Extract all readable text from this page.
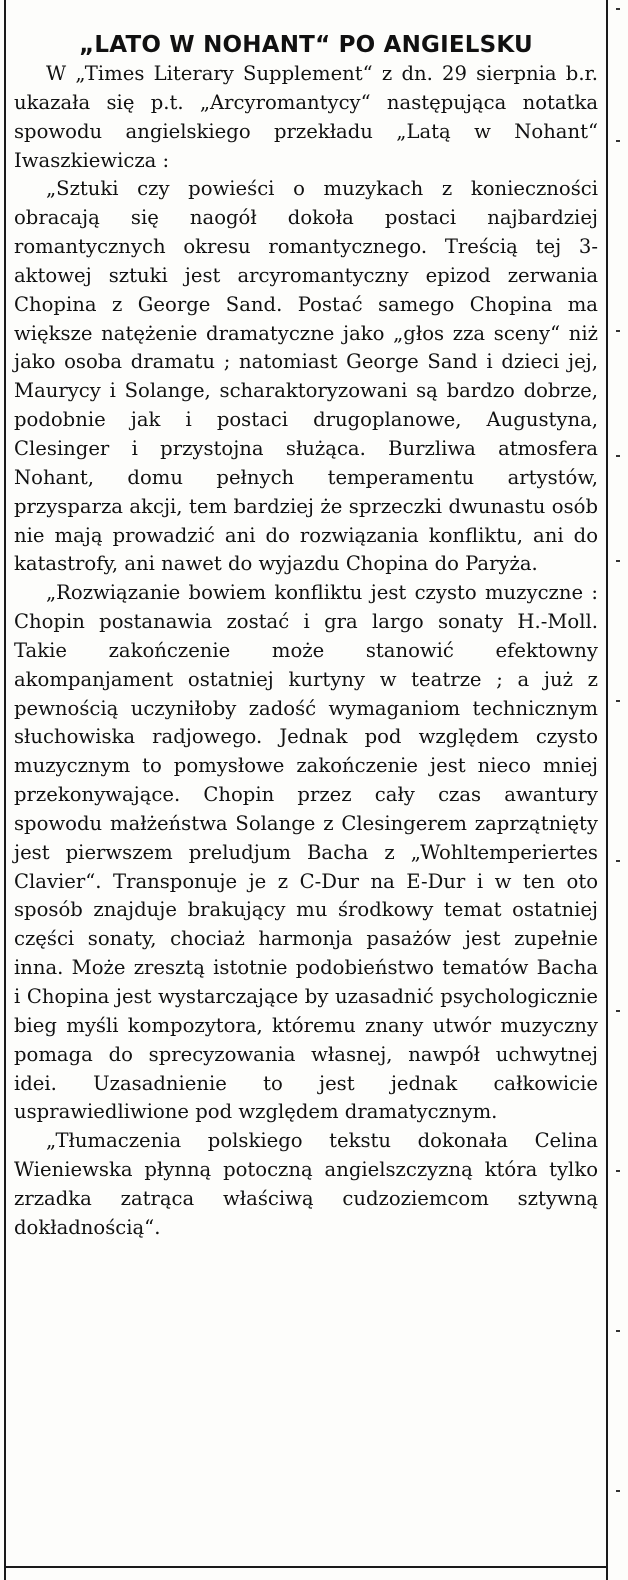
„LATO W NOHANT“ PO ANGIELSKU

W „Times Literary Supplement“ z dn. 29 sierpnia b.r. ukazała się p.t. „Arcyromantycy“ następująca notatka spowodu angielskiego przekładu „Latą w Nohant“ Iwaszkiewicza :

„Sztuki czy powieści o muzykach z konieczności obracają się naogół dokoła postaci najbardziej romantycznych okresu romantycznego. Treścią tej 3-aktowej sztuki jest arcyromantyczny epizod zerwania Chopina z George Sand. Postać samego Chopina ma większe natężenie dramatyczne jako „głos zza sceny“ niż jako osoba dramatu ; natomiast George Sand i dzieci jej, Maurycy i Solange, scharaktoryzowani są bardzo dobrze, podobnie jak i postaci drugoplanowe, Augustyna, Clesinger i przystojna służąca. Burzliwa atmosfera Nohant, domu pełnych temperamentu artystów, przysparza akcji, tem bardziej że sprzeczki dwunastu osób nie mają prowadzić ani do rozwiązania konfliktu, ani do katastrofy, ani nawet do wyjazdu Chopina do Paryża.

„Rozwiązanie bowiem konfliktu jest czysto muzyczne : Chopin postanawia zostać i gra largo sonaty H.-Moll. Takie zakończenie może stanowić efektowny akompanjament ostatniej kurtyny w teatrze ; a już z pewnością uczyniłoby zadość wymaganiom technicznym słuchowiska radjowego. Jednak pod względem czysto muzycznym to pomysłowe zakończenie jest nieco mniej przekonywające. Chopin przez cały czas awantury spowodu małżeństwa Solange z Clesingerem zaprzątnięty jest pierwszem preludjum Bacha z „Wohltemperiertes Clavier“. Transponuje je z C-Dur na E-Dur i w ten oto sposób znajduje brakujący mu środkowy temat ostatniej części sonaty, chociaż harmonja pasażów jest zupełnie inna. Może zresztą istotnie podobieństwo tematów Bacha i Chopina jest wystarczające by uzasadnić psychologicznie bieg myśli kompozytora, któremu znany utwór muzyczny pomaga do sprecyzowania własnej, nawpół uchwytnej idei. Uzasadnienie to jest jednak całkowicie usprawiedliwione pod względem dramatycznym.

„Tłumaczenia polskiego tekstu dokonała Celina Wieniewska płynną potoczną angielszczyzną która tylko zrzadka zatrąca właściwą cudzoziemcom sztywną dokładnością“.
